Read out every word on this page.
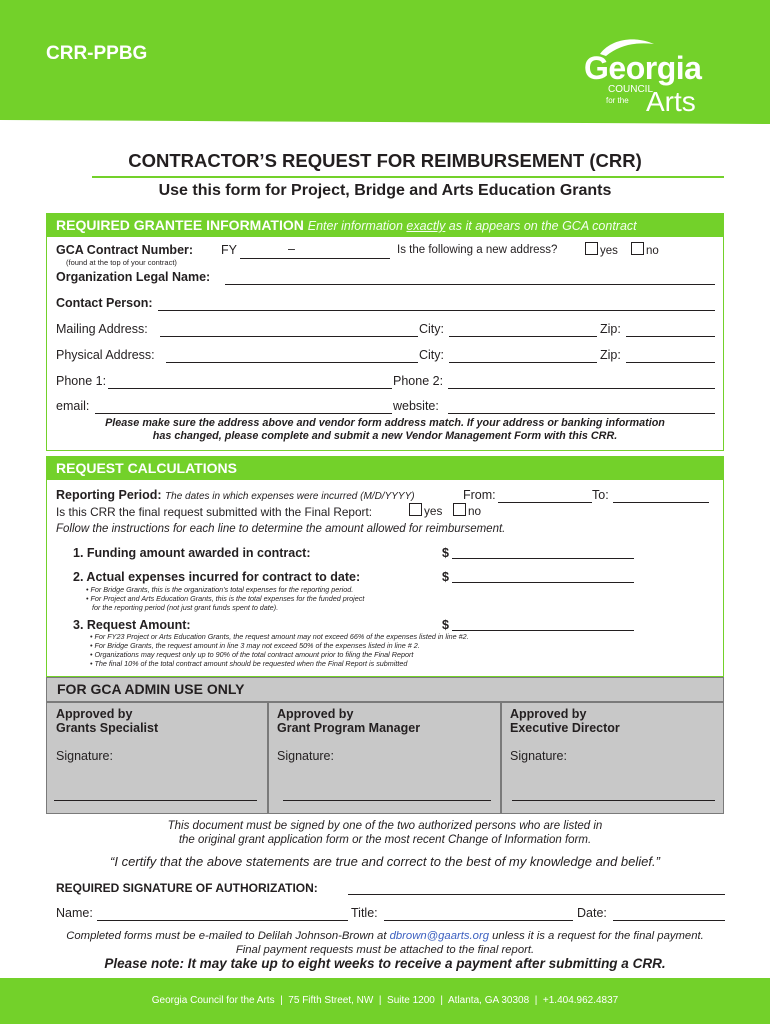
CRR-PPBG	Georgia
COUNCIL
for the Arts
CONTRACTOR’S REQUEST FOR REIMBURSEMENT (CRR)
Use this form for Project, Bridge and Arts Education Grants
REQUIRED GRANTEE INFORMATION Enter information exactly as it appears on the GCA contract
GCA Contract Number:
(found at the top of your contract)
FY	–	Is the following a new address?	yes	no
Organization Legal Name:
Contact Person:
Mailing Address:	City:	Zip:
Physical Address:	City:	Zip:
Phone 1:	Phone 2:
email:	website:
Please make sure the address above and vendor form address match. If your address or banking information
has changed, please complete and submit a new Vendor Management Form with this CRR.
REQUEST CALCULATIONS
Reporting Period: The dates in which expenses were incurred (M/D/YYYY)	From:	To:
Is this CRR the final request submitted with the Final Report:	yes	no
Follow the instructions for each line to determine the amount allowed for reimbursement.
1. Funding amount awarded in contract:	$
2. Actual expenses incurred for contract to date:	$
• For Bridge Grants, this is the organization’s total expenses for the reporting period.
• For Project and Arts Education Grants, this is the total expenses for the funded project
for the reporting period (not just grant funds spent to date).
3. Request Amount:	$
• For FY23 Project or Arts Education Grants, the request amount may not exceed 66% of the expenses listed in line #2.
• For Bridge Grants, the request amount in line 3 may not exceed 50% of the expenses listed in line # 2.
• Organizations may request only up to 90% of the total contract amount prior to filing the Final Report
• The final 10% of the total contract amount should be requested when the Final Report is submitted
FOR GCA ADMIN USE ONLY
Approved by
Grants Specialist
Signature:
Approved by
Grant Program Manager
Signature:
Approved by
Executive Director
Signature:
This document must be signed by one of the two authorized persons who are listed in
the original grant application form or the most recent Change of Information form.
“I certify that the above statements are true and correct to the best of my knowledge and belief.”
REQUIRED SIGNATURE OF AUTHORIZATION:
Name:	Title:	Date:
Completed forms must be e-mailed to Delilah Johnson-Brown at dbrown@gaarts.org unless it is a request for the final payment.
Final payment requests must be attached to the final report.
Please note: It may take up to eight weeks to receive a payment after submitting a CRR.
Georgia Council for the Arts  |  75 Fifth Street, NW  |  Suite 1200  |  Atlanta, GA 30308  |  +1.404.962.4837
